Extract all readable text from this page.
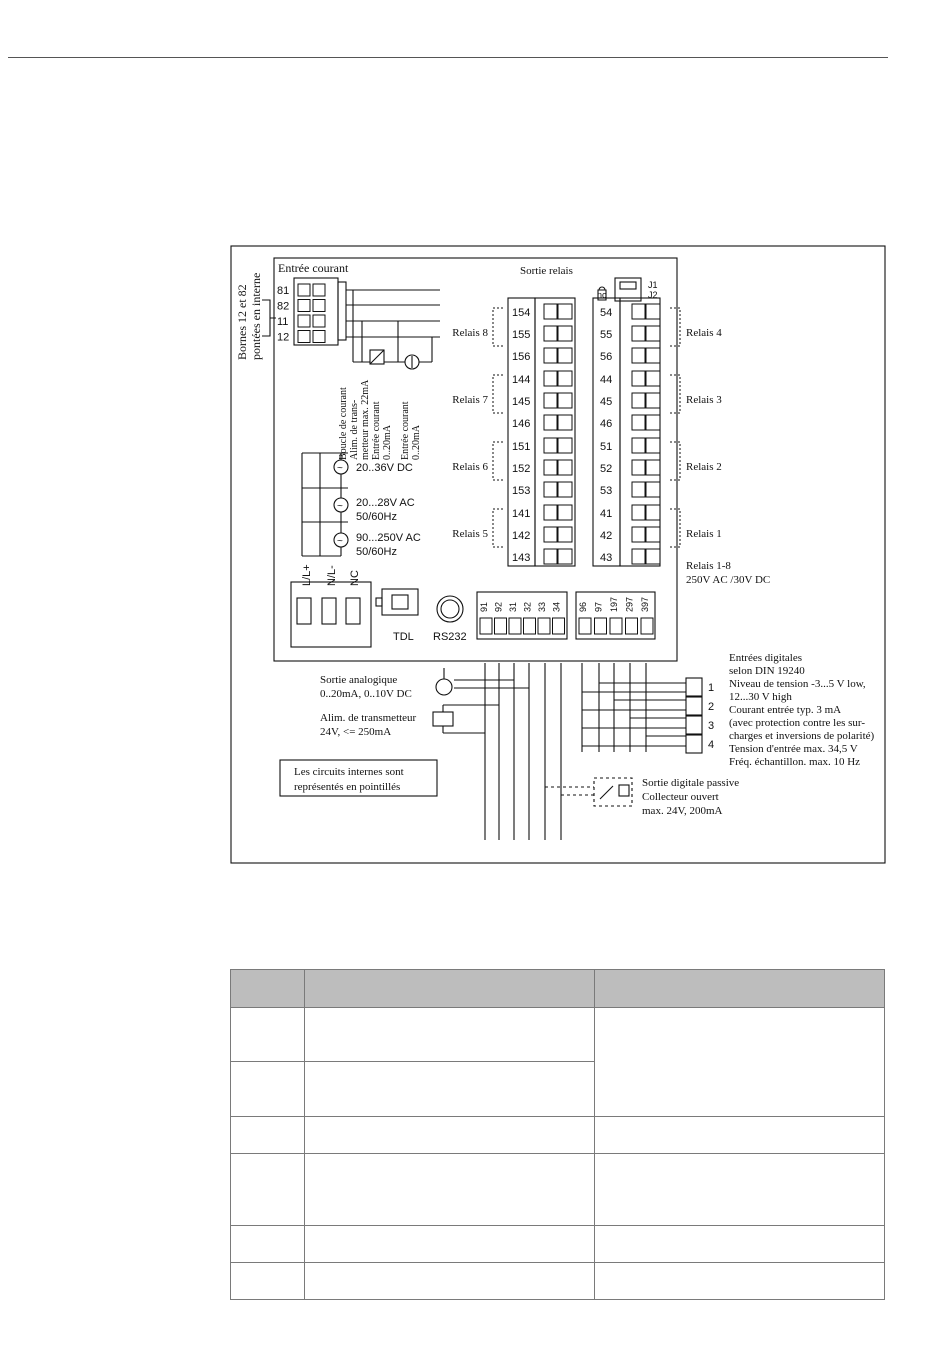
81
82
11
12
~
~
~
154
155
156
Relais 8
144
145
146
Relais 7
151
152
153
Relais 6
141
142
143
Relais 5
54
55
56
Relais 4
44
45
46
Relais 3
51
52
53
Relais 2
41
42
43
Relais 1
91 92 31 32 33 34 96 97 197 297 397
Entrées digitales
selon DIN 19240
Niveau de tension -3...5 V low,
12...30 V high
Courant entrée typ. 3 mA
(avec protection contre les sur-
charges et inversions de polarité)
Tension d'entrée max. 34,5 V
Fréq. échantillon. max. 10 Hz
1
2
3
4
Entrée courant
Bornes 12 et 82 pontées en interne
Boucle de courant Alim. de trans- metteur max. 22mA Entrée courant 0..20mA Entrée courant 0..20mA
20..36V DC
20...28V AC
50/60Hz
90...250V AC
50/60Hz
L/L+ N/L- NC
TDL RS232
Sortie relais
nc
J1
J2
Relais 1-8
250V AC /30V DC
Sortie analogique
0..20mA, 0..10V DC
Alim. de transmetteur
24V, <= 250mA
Les circuits internes sont
représentés en pointillés	Sortie digitale passive
Collecteur ouvert
max. 24V, 200mA
